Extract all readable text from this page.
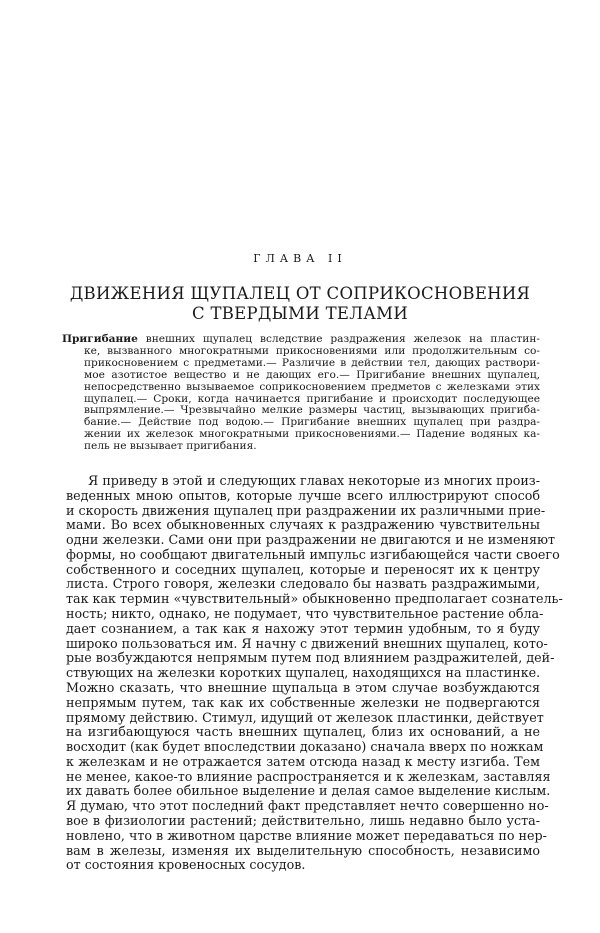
ГЛАВА II
ДВИЖЕНИЯ ЩУПАЛЕЦ ОТ СОПРИКОСНОВЕНИЯ
С ТВЕРДЫМИ ТЕЛАМИ
Пригибание внешних щупалец вследствие раздражения железок на пластин-
ке, вызванного многократными прикосновениями или продолжительным со-
прикосновением с предметами.— Различие в действии тел, дающих раствори-
мое азотистое вещество и не дающих его.— Пригибание внешних щупалец,
непосредственно вызываемое соприкосновением предметов с железками этих
щупалец.— Сроки, когда начинается пригибание и происходит последующее
выпрямление.— Чрезвычайно мелкие размеры частиц, вызывающих пригиба-
бание.— Действие под водою.— Пригибание внешних щупалец при раздра-
жении их железок многократными прикосновениями.— Падение водяных ка-
пель не вызывает пригибания.
Я приведу в этой и следующих главах некоторые из многих произ-
веденных мною опытов, которые лучше всего иллюстрируют способ
и скорость движения щупалец при раздражении их различными прие-
мами. Во всех обыкновенных случаях к раздражению чувствительны
одни железки. Сами они при раздражении не двигаются и не изменяют
формы, но сообщают двигательный импульс изгибающейся части своего
собственного и соседних щупалец, которые и переносят их к центру
листа. Строго говоря, железки следовало бы назвать раздражимыми,
так как термин «чувствительный» обыкновенно предполагает сознатель-
ность; никто, однако, не подумает, что чувствительное растение обла-
дает сознанием, а так как я нахожу этот термин удобным, то я буду
широко пользоваться им. Я начну с движений внешних щупалец, кото-
рые возбуждаются непрямым путем под влиянием раздражителей, дей-
ствующих на железки коротких щупалец, находящихся на пластинке.
Можно сказать, что внешние щупальца в этом случае возбуждаются
непрямым путем, так как их собственные железки не подвергаются
прямому действию. Стимул, идущий от железок пластинки, действует
на изгибающуюся часть внешних щупалец, близ их оснований, а не
восходит (как будет впоследствии доказано) сначала вверх по ножкам
к железкам и не отражается затем отсюда назад к месту изгиба. Тем
не менее, какое-то влияние распространяется и к железкам, заставляя
их давать более обильное выделение и делая самое выделение кислым.
Я думаю, что этот последний факт представляет нечто совершенно но-
вое в физиологии растений; действительно, лишь недавно было уста-
новлено, что в животном царстве влияние может передаваться по нер-
вам в железы, изменяя их выделительную способность, независимо
от состояния кровеносных сосудов.
